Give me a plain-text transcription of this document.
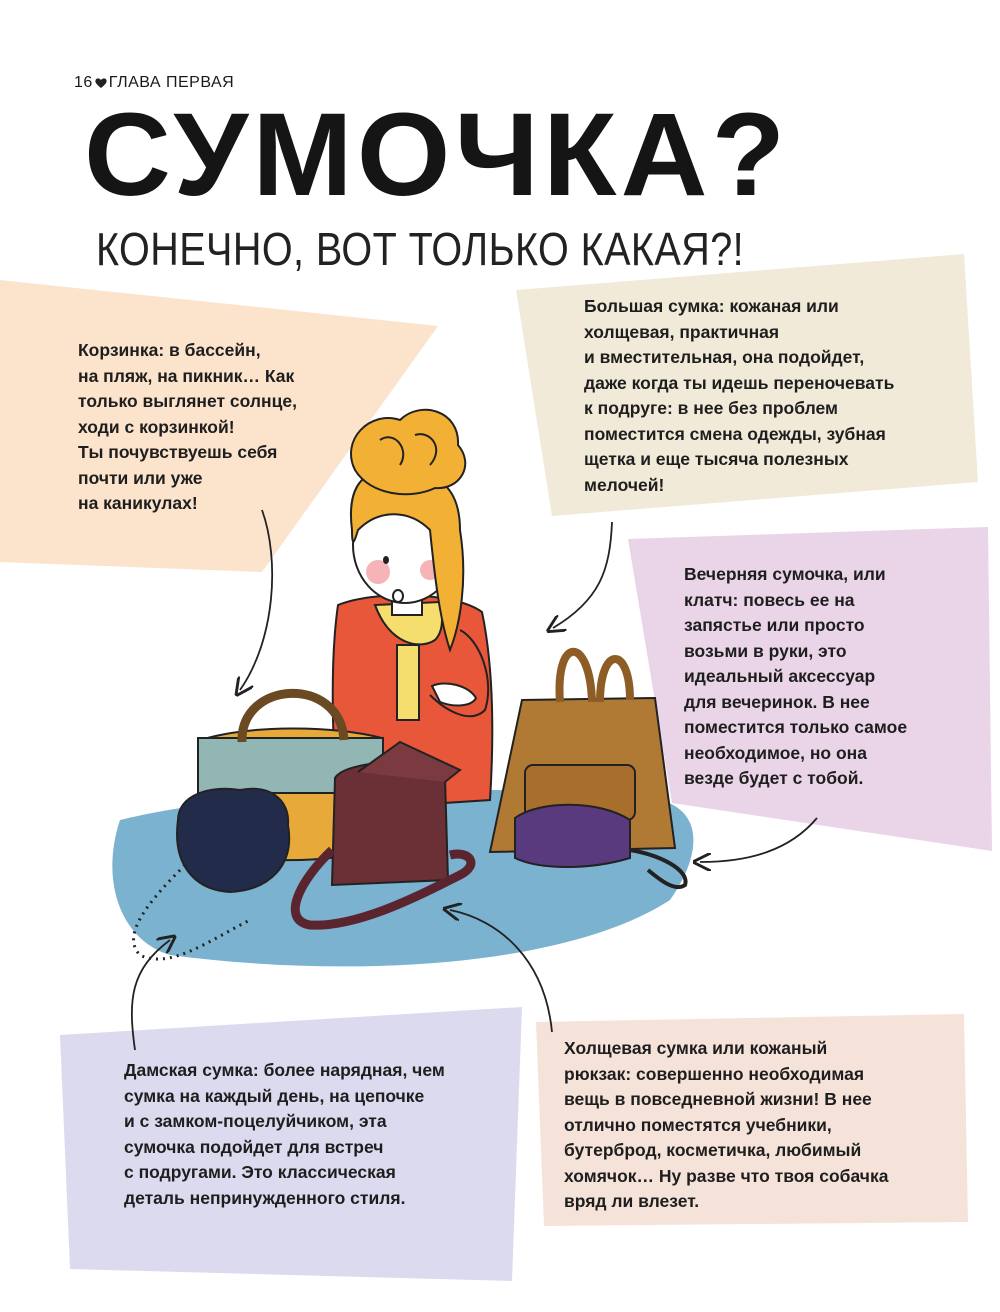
16 ГЛАВА ПЕРВАЯ
СУМОЧКА?
КОНЕЧНО, ВОТ ТОЛЬКО КАКАЯ?!
Корзинка: в бассейн,
на пляж, на пикник… Как
только выглянет солнце,
ходи с корзинкой!
Ты почувствуешь себя
почти или уже
на каникулах!
Большая сумка: кожаная или
холщевая, практичная
и вместительная, она подойдет,
даже когда ты идешь переночевать
к подруге: в нее без проблем
поместится смена одежды, зубная
щетка и еще тысяча полезных
мелочей!
Вечерняя сумочка, или
клатч: повесь ее на
запястье или просто
возьми в руки, это
идеальный аксессуар
для вечеринок. В нее
поместится только самое
необходимое, но она
везде будет с тобой.
Дамская сумка: более нарядная, чем
сумка на каждый день, на цепочке
и с замком-поцелуйчиком, эта
сумочка подойдет для встреч
с подругами. Это классическая
деталь непринужденного стиля.
Холщевая сумка или кожаный
рюкзак: совершенно необходимая
вещь в повседневной жизни! В нее
отлично поместятся учебники,
бутерброд, косметичка, любимый
хомячок… Ну разве что твоя собачка
вряд ли влезет.
